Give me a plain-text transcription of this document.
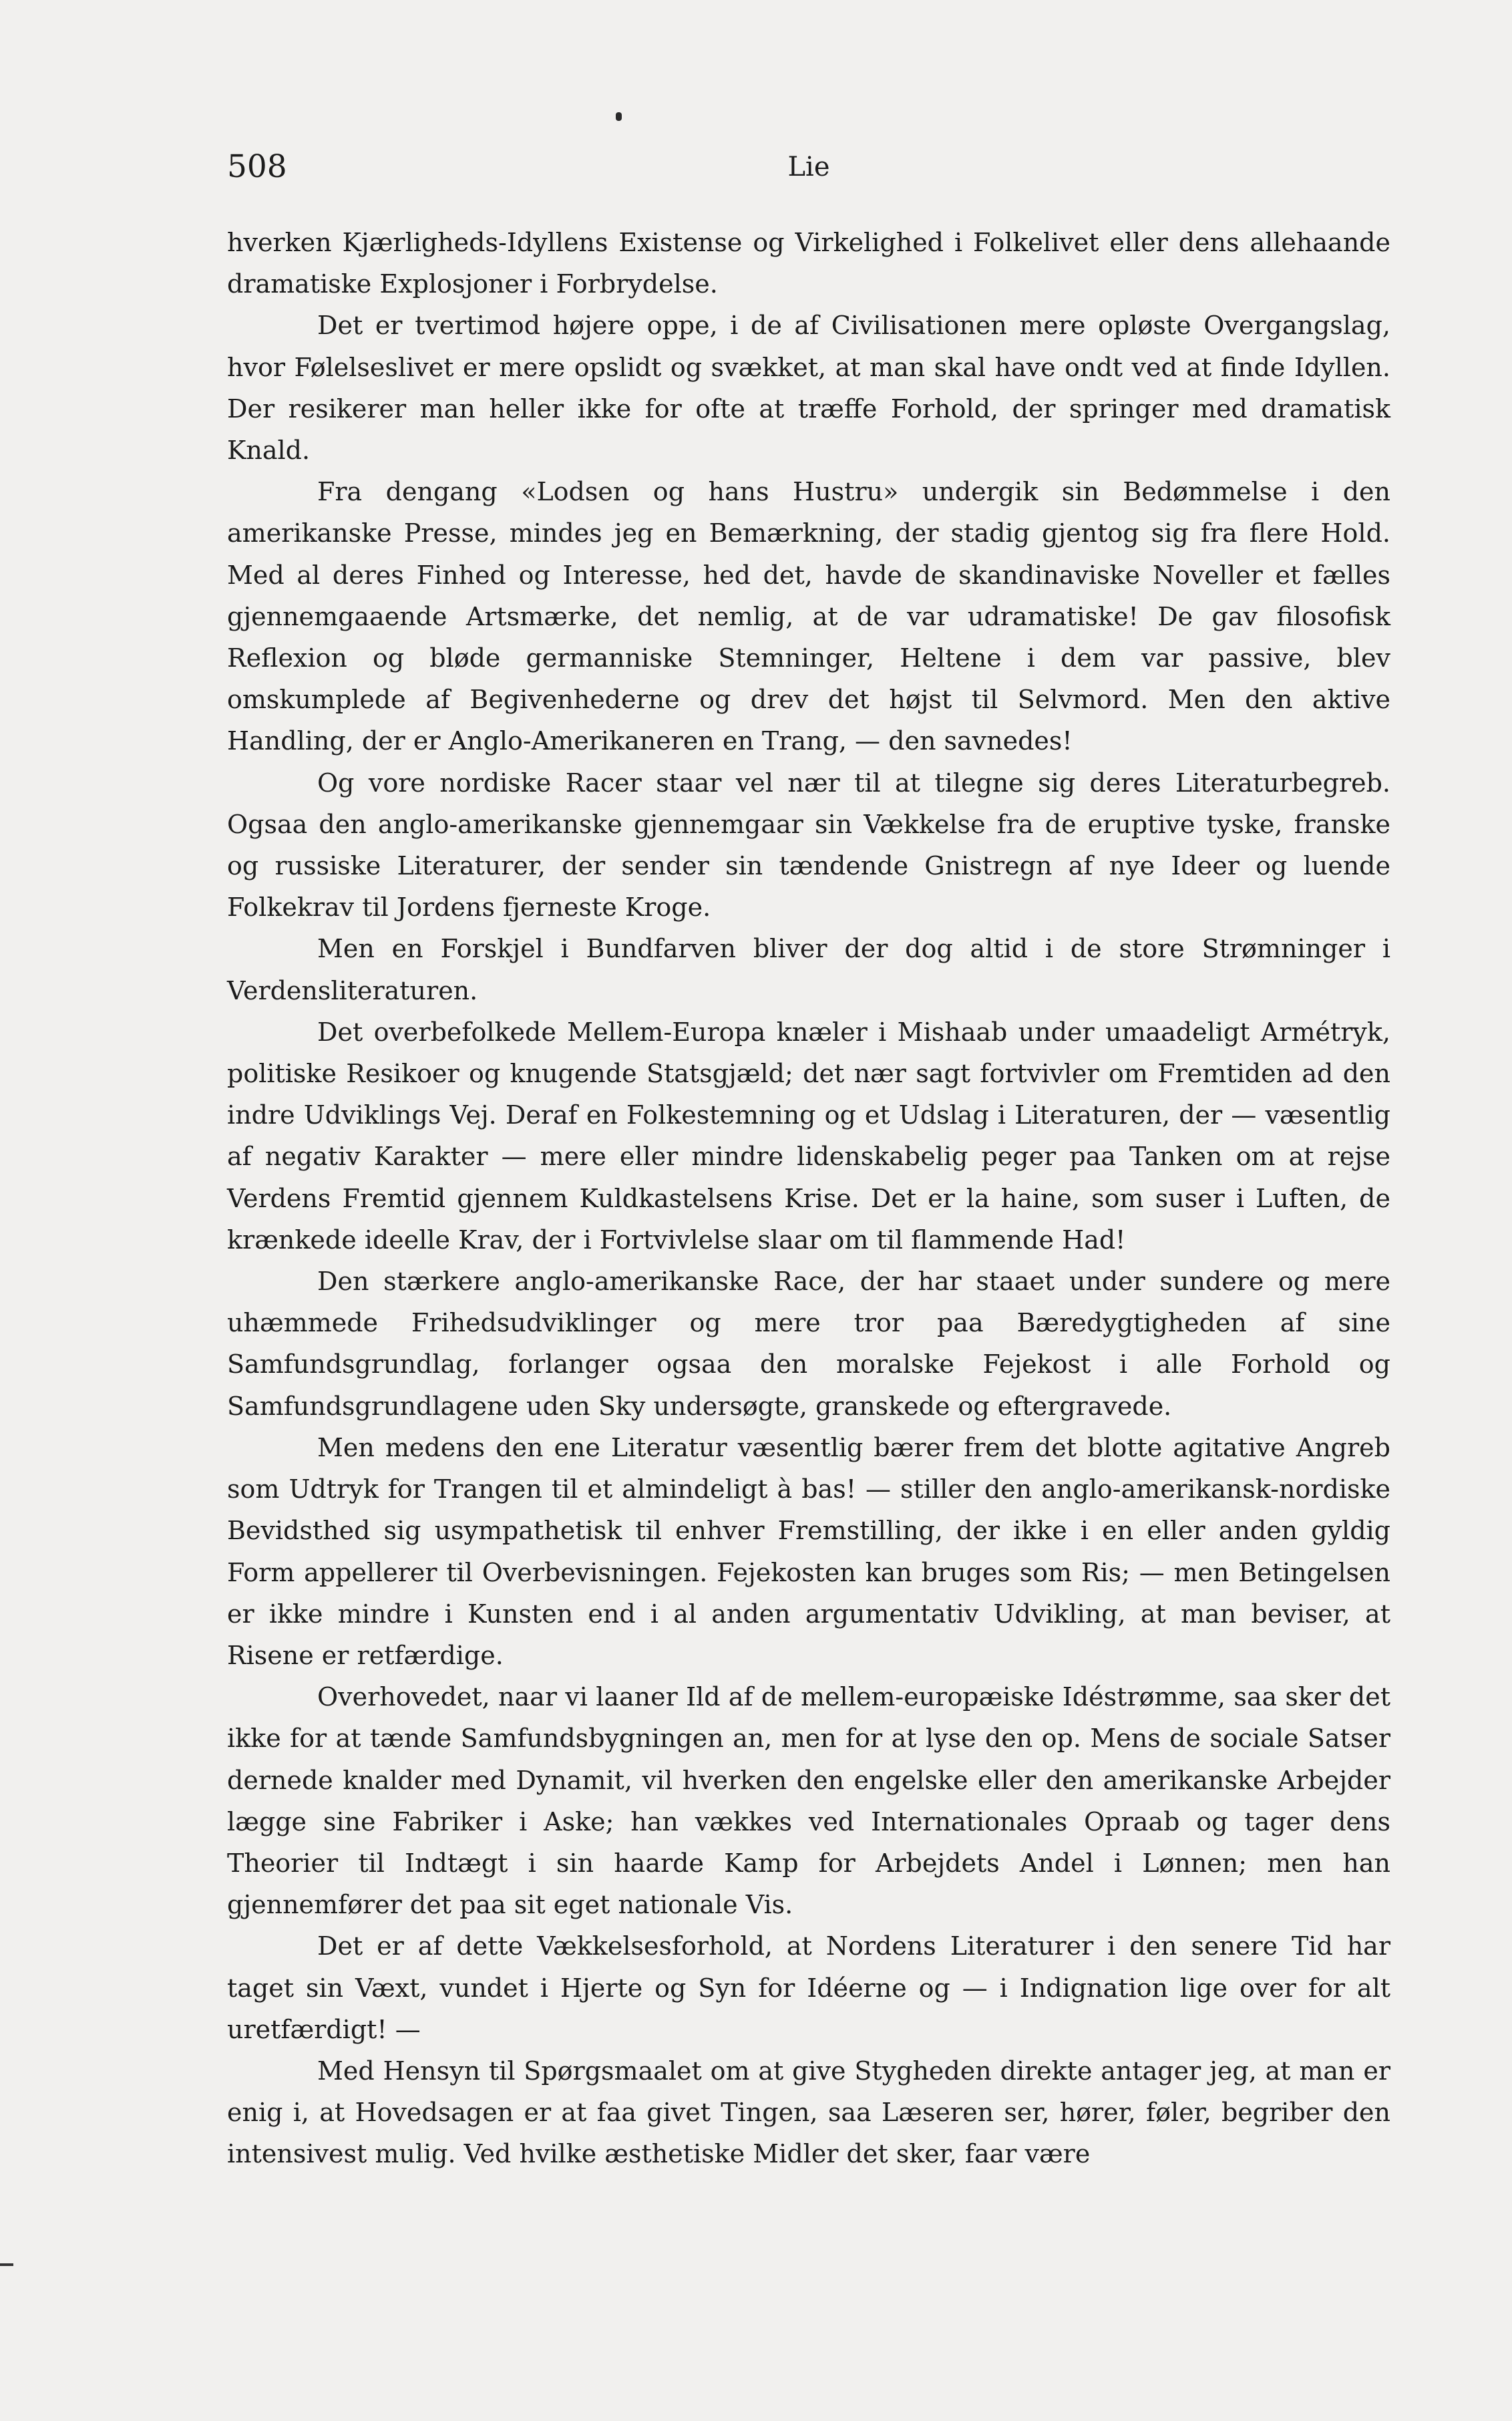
508	Lie

hverken Kjærligheds-Idyllens Existense og Virkelighed i Folkelivet eller dens allehaande dramatiske Explosjoner i Forbrydelse.

Det er tvertimod højere oppe, i de af Civilisationen mere opløste Overgangslag, hvor Følelseslivet er mere opslidt og svækket, at man skal have ondt ved at finde Idyllen. Der resikerer man heller ikke for ofte at træffe Forhold, der springer med dramatisk Knald.

Fra dengang «Lodsen og hans Hustru» undergik sin Bedømmelse i den amerikanske Presse, mindes jeg en Bemærkning, der stadig gjentog sig fra flere Hold. Med al deres Finhed og Interesse, hed det, havde de skandinaviske Noveller et fælles gjennemgaaende Artsmærke, det nemlig, at de var udramatiske! De gav filosofisk Reflexion og bløde germanniske Stemninger, Heltene i dem var passive, blev omskumplede af Begivenhederne og drev det højst til Selvmord. Men den aktive Handling, der er Anglo-Amerikaneren en Trang, — den savnedes!

Og vore nordiske Racer staar vel nær til at tilegne sig deres Literaturbegreb. Ogsaa den anglo-amerikanske gjennemgaar sin Vækkelse fra de eruptive tyske, franske og russiske Literaturer, der sender sin tændende Gnistregn af nye Ideer og luende Folkekrav til Jordens fjerneste Kroge.

Men en Forskjel i Bundfarven bliver der dog altid i de store Strømninger i Verdensliteraturen.

Det overbefolkede Mellem-Europa knæler i Mishaab under umaadeligt Armétryk, politiske Resikoer og knugende Statsgjæld; det nær sagt fortvivler om Fremtiden ad den indre Udviklings Vej. Deraf en Folkestemning og et Udslag i Literaturen, der — væsentlig af negativ Karakter — mere eller mindre lidenskabelig peger paa Tanken om at rejse Verdens Fremtid gjennem Kuldkastelsens Krise. Det er la haine, som suser i Luften, de krænkede ideelle Krav, der i Fortvivlelse slaar om til flammende Had!

Den stærkere anglo-amerikanske Race, der har staaet under sundere og mere uhæmmede Frihedsudviklinger og mere tror paa Bæredygtigheden af sine Samfundsgrundlag, forlanger ogsaa den moralske Fejekost i alle Forhold og Samfundsgrundlagene uden Sky undersøgte, granskede og eftergravede.

Men medens den ene Literatur væsentlig bærer frem det blotte agitative Angreb som Udtryk for Trangen til et almindeligt à bas! — stiller den anglo-amerikansk-nordiske Bevidsthed sig usympathetisk til enhver Fremstilling, der ikke i en eller anden gyldig Form appellerer til Overbevisningen. Fejekosten kan bruges som Ris; — men Betingelsen er ikke mindre i Kunsten end i al anden argumentativ Udvikling, at man beviser, at Risene er retfærdige.

Overhovedet, naar vi laaner Ild af de mellem-europæiske Idéstrømme, saa sker det ikke for at tænde Samfundsbygningen an, men for at lyse den op. Mens de sociale Satser dernede knalder med Dynamit, vil hverken den engelske eller den amerikanske Arbejder lægge sine Fabriker i Aske; han vækkes ved Internationales Opraab og tager dens Theorier til Indtægt i sin haarde Kamp for Arbejdets Andel i Lønnen; men han gjennemfører det paa sit eget nationale Vis.

Det er af dette Vækkelsesforhold, at Nordens Literaturer i den senere Tid har taget sin Væxt, vundet i Hjerte og Syn for Idéerne og — i Indignation lige over for alt uretfærdigt! —

Med Hensyn til Spørgsmaalet om at give Stygheden direkte antager jeg, at man er enig i, at Hovedsagen er at faa givet Tingen, saa Læseren ser, hører, føler, begriber den intensivest mulig. Ved hvilke æsthetiske Midler det sker, faar være
